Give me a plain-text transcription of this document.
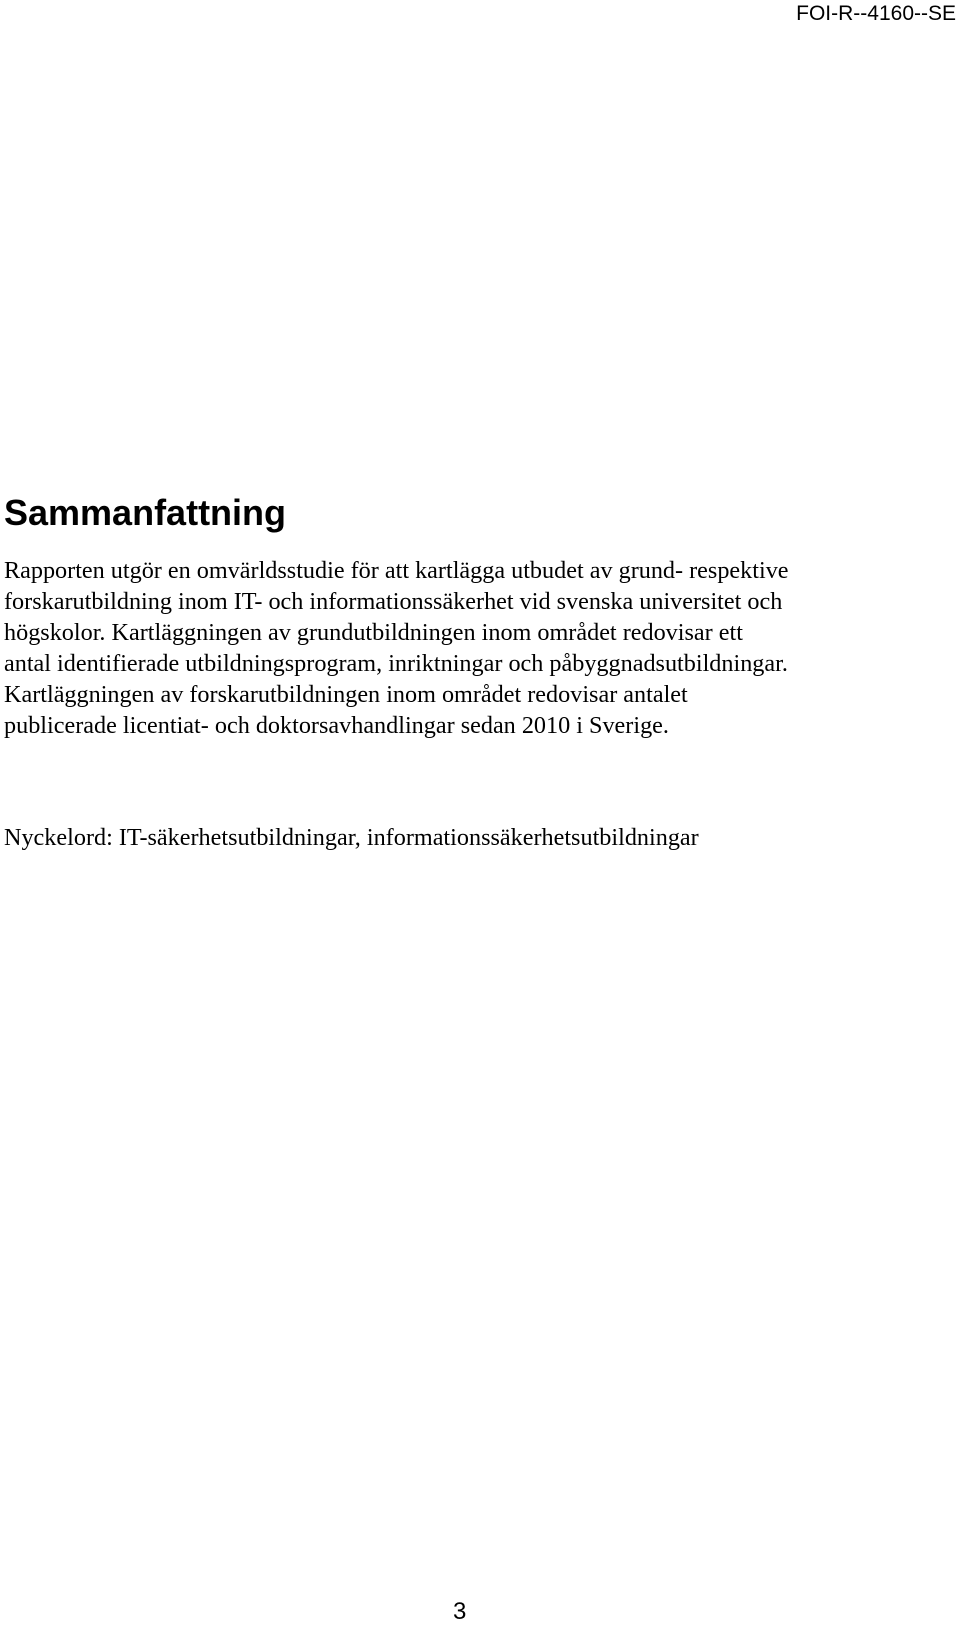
FOI-R--4160--SE
Sammanfattning

Rapporten utgör en omvärldsstudie för att kartlägga utbudet av grund- respektive
forskarutbildning inom IT- och informationssäkerhet vid svenska universitet och
högskolor. Kartläggningen av grundutbildningen inom området redovisar ett
antal identifierade utbildningsprogram, inriktningar och påbyggnadsutbildningar.
Kartläggningen av forskarutbildningen inom området redovisar antalet
publicerade licentiat- och doktorsavhandlingar sedan 2010 i Sverige.

Nyckelord: IT-säkerhetsutbildningar, informationssäkerhetsutbildningar

3
